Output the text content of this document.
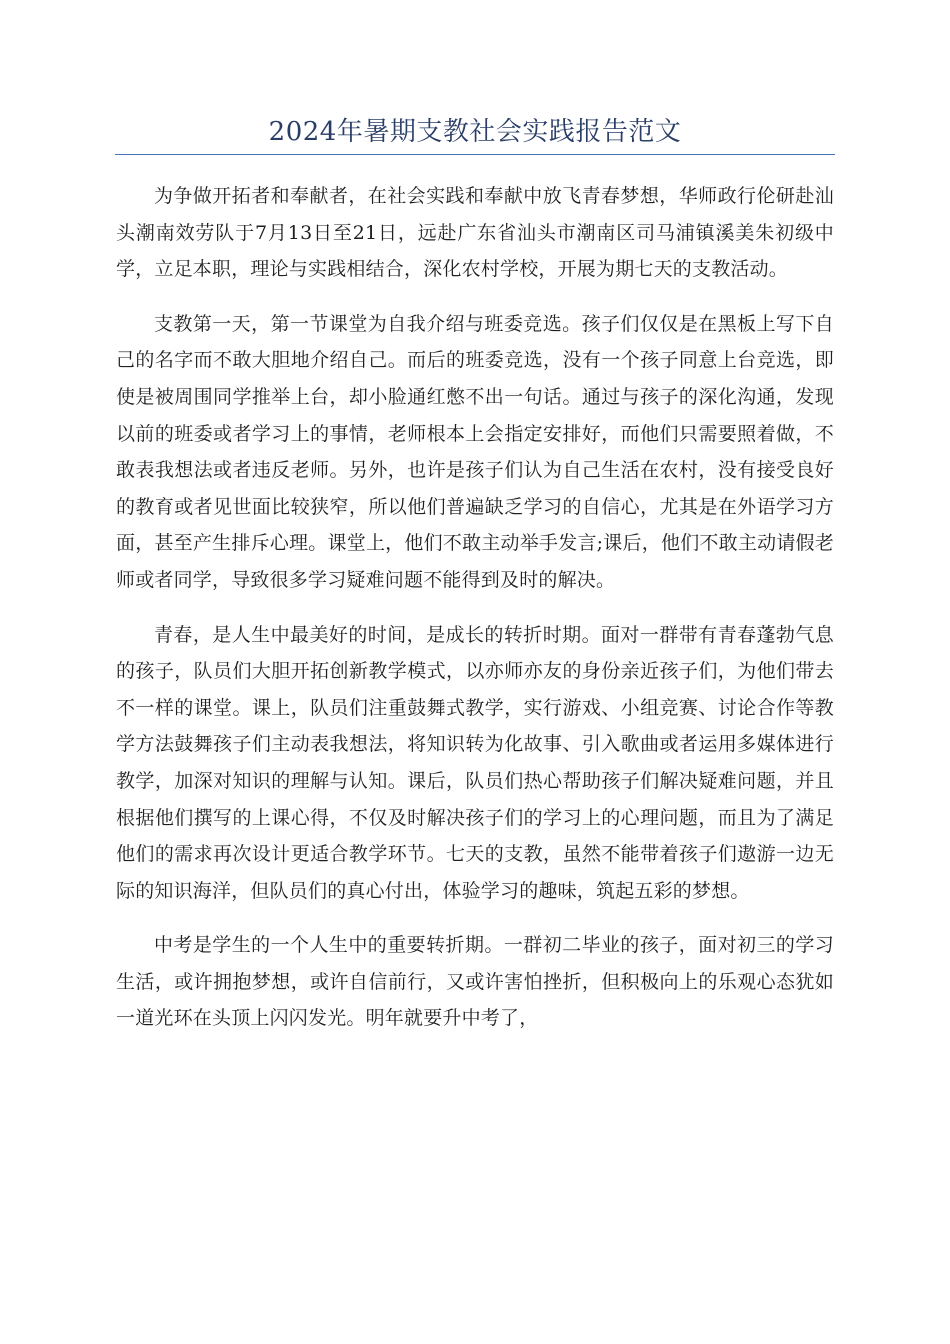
2024年暑期支教社会实践报告范文

为争做开拓者和奉献者，在社会实践和奉献中放飞青春梦想，华师政行伦研赴汕头潮南效劳队于7月13日至21日，远赴广东省汕头市潮南区司马浦镇溪美朱初级中学，立足本职，理论与实践相结合，深化农村学校，开展为期七天的支教活动。

支教第一天，第一节课堂为自我介绍与班委竞选。孩子们仅仅是在黑板上写下自己的名字而不敢大胆地介绍自己。而后的班委竞选，没有一个孩子同意上台竞选，即使是被周围同学推举上台，却小脸通红憋不出一句话。通过与孩子的深化沟通，发现以前的班委或者学习上的事情，老师根本上会指定安排好，而他们只需要照着做，不敢表我想法或者违反老师。另外，也许是孩子们认为自己生活在农村，没有接受良好的教育或者见世面比较狭窄，所以他们普遍缺乏学习的自信心，尤其是在外语学习方面，甚至产生排斥心理。课堂上，他们不敢主动举手发言;课后，他们不敢主动请假老师或者同学，导致很多学习疑难问题不能得到及时的解决。

青春，是人生中最美好的时间，是成长的转折时期。面对一群带有青春蓬勃气息的孩子，队员们大胆开拓创新教学模式，以亦师亦友的身份亲近孩子们，为他们带去不一样的课堂。课上，队员们注重鼓舞式教学，实行游戏、小组竞赛、讨论合作等教学方法鼓舞孩子们主动表我想法，将知识转为化故事、引入歌曲或者运用多媒体进行教学，加深对知识的理解与认知。课后，队员们热心帮助孩子们解决疑难问题，并且根据他们撰写的上课心得，不仅及时解决孩子们的学习上的心理问题，而且为了满足他们的需求再次设计更适合教学环节。七天的支教，虽然不能带着孩子们遨游一边无际的知识海洋，但队员们的真心付出，体验学习的趣味，筑起五彩的梦想。

中考是学生的一个人生中的重要转折期。一群初二毕业的孩子，面对初三的学习生活，或许拥抱梦想，或许自信前行，又或许害怕挫折，但积极向上的乐观心态犹如一道光环在头顶上闪闪发光。明年就要升中考了，
